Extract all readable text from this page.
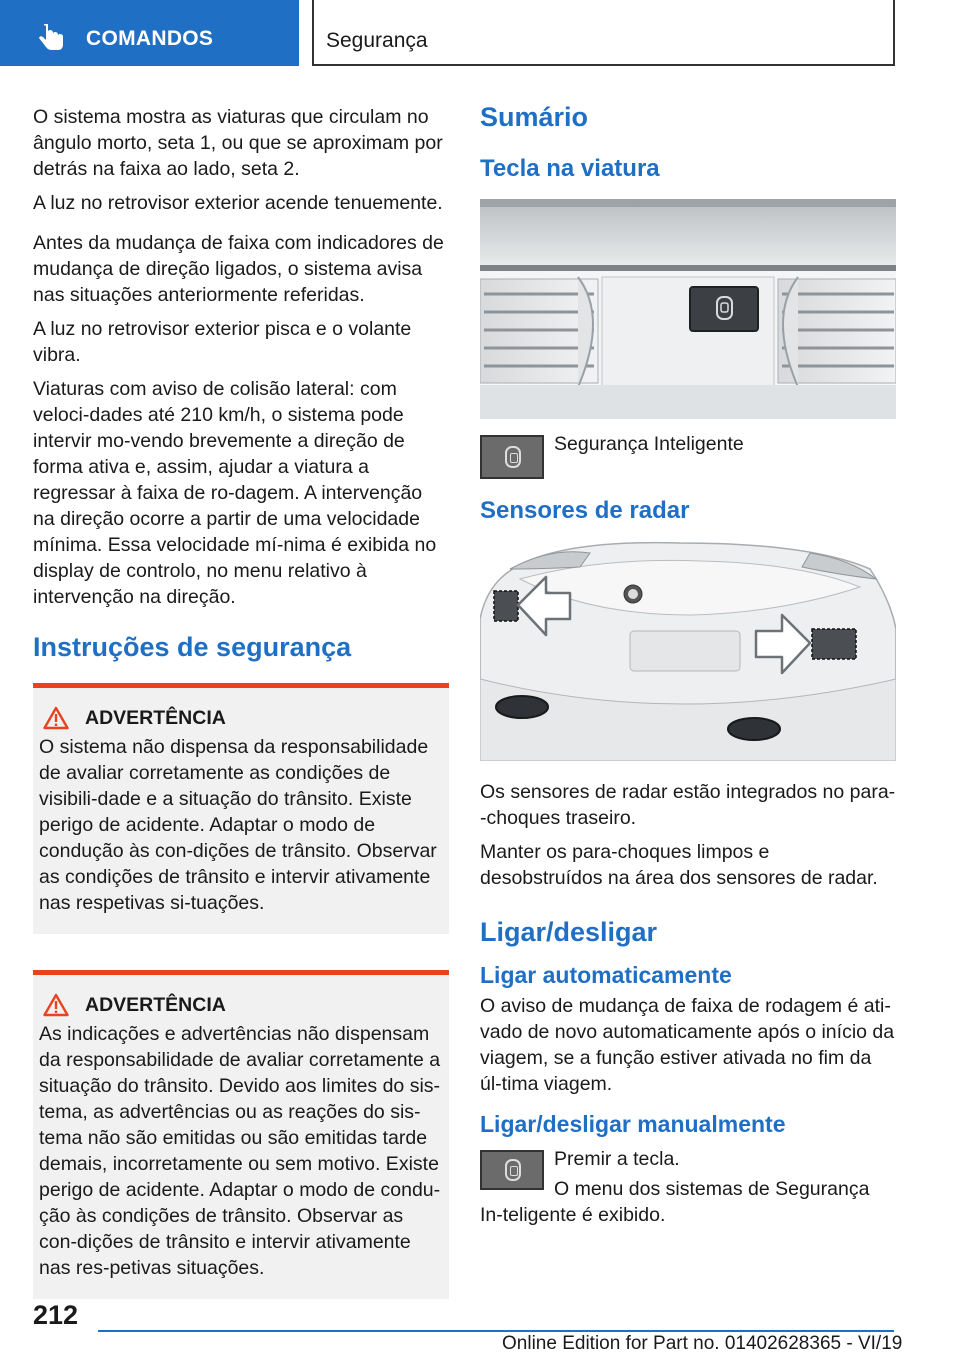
COMANDOS	Segurança

O sistema mostra as viaturas que circulam no ângulo morto, seta 1, ou que se aproximam por detrás na faixa ao lado, seta 2.

A luz no retrovisor exterior acende tenuemente.

Antes da mudança de faixa com indicadores de mudança de direção ligados, o sistema avisa nas situações anteriormente referidas.

A luz no retrovisor exterior pisca e o volante vibra.

Viaturas com aviso de colisão lateral: com veloci-dades até 210 km/h, o sistema pode intervir mo-vendo brevemente a direção de forma ativa e, assim, ajudar a viatura a regressar à faixa de ro-dagem. A intervenção na direção ocorre a partir de uma velocidade mínima. Essa velocidade mí-nima é exibida no display de controlo, no menu relativo à intervenção na direção.

Instruções de segurança
ADVERTÊNCIA

O sistema não dispensa da responsabilidade de avaliar corretamente as condições de visibili-dade e a situação do trânsito. Existe perigo de acidente. Adaptar o modo de condução às con-dições de trânsito. Observar as condições de trânsito e intervir ativamente nas respetivas si-tuações.

ADVERTÊNCIA

As indicações e advertências não dispensam da responsabilidade de avaliar corretamente a situação do trânsito. Devido aos limites do sis-tema, as advertências ou as reações do sis-tema não são emitidas ou são emitidas tarde demais, incorretamente ou sem motivo. Existe perigo de acidente. Adaptar o modo de condu-ção às condições de trânsito. Observar as con-dições de trânsito e intervir ativamente nas res-petivas situações.

Sumário
Tecla na viatura

Segurança Inteligente

Sensores de radar

Os sensores de radar estão integrados no para--choques traseiro.

Manter os para-choques limpos e desobstruídos na área dos sensores de radar.

Ligar/desligar
Ligar automaticamente

O aviso de mudança de faixa de rodagem é ati-vado de novo automaticamente após o início da viagem, se a função estiver ativada no fim da úl-tima viagem.

Ligar/desligar manualmente

Premir a tecla.

O menu dos sistemas de Segurança In-teligente é exibido.

212
Online Edition for Part no. 01402628365 - VI/19
